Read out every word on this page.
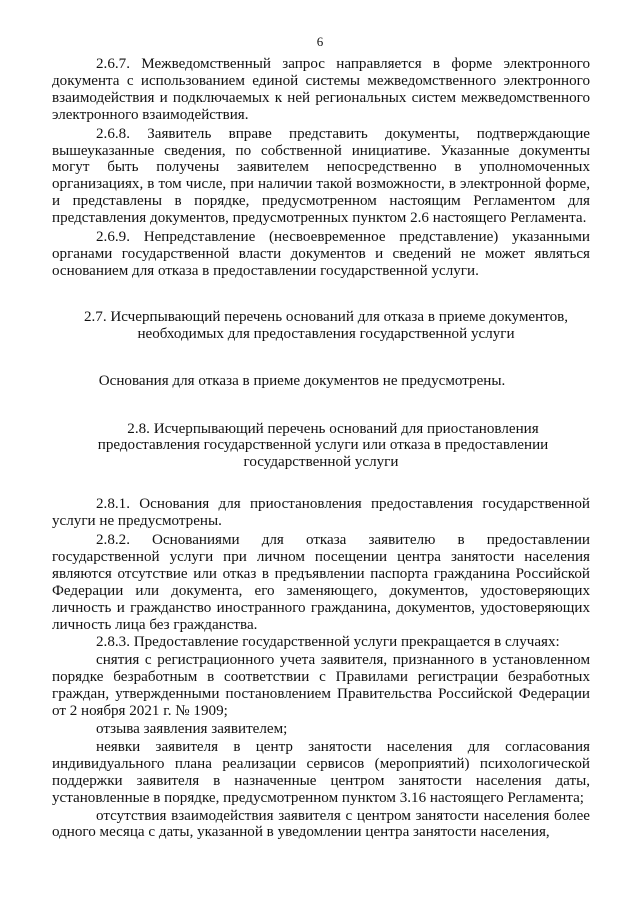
6

2.6.7. Межведомственный запрос направляется в форме электронного документа с использованием единой системы межведомственного электронного взаимодействия и подключаемых к ней региональных систем межведомственного электронного взаимодействия.

2.6.8. Заявитель вправе представить документы, подтверждающие вышеуказанные сведения, по собственной инициативе. Указанные документы могут быть получены заявителем непосредственно в уполномоченных организациях, в том числе, при наличии такой возможности, в электронной форме, и представлены в порядке, предусмотренном настоящим Регламентом для представления документов, предусмотренных пунктом 2.6 настоящего Регламента.

2.6.9. Непредставление (несвоевременное представление) указанными органами государственной власти документов и сведений не может являться основанием для отказа в предоставлении государственной услуги.

2.7. Исчерпывающий перечень оснований для отказа в приеме документов,

необходимых для предоставления государственной услуги

Основания для отказа в приеме документов не предусмотрены.

2.8. Исчерпывающий перечень оснований для приостановления

предоставления государственной услуги или отказа в предоставлении

государственной услуги

2.8.1. Основания для приостановления предоставления государственной услуги не предусмотрены.

2.8.2. Основаниями для отказа заявителю в предоставлении государственной услуги при личном посещении центра занятости населения являются отсутствие или отказ в предъявлении паспорта гражданина Российской Федерации или документа, его заменяющего, документов, удостоверяющих личность и гражданство иностранного гражданина, документов, удостоверяющих личность лица без гражданства.

2.8.3. Предоставление государственной услуги прекращается в случаях:

снятия с регистрационного учета заявителя, признанного в установленном порядке безработным в соответствии с Правилами регистрации безработных граждан, утвержденными постановлением Правительства Российской Федерации от 2 ноября 2021 г. № 1909;

отзыва заявления заявителем;

неявки заявителя в центр занятости населения для согласования индивидуального плана реализации сервисов (мероприятий) психологической поддержки заявителя в назначенные центром занятости населения даты, установленные в порядке, предусмотренном пунктом 3.16 настоящего Регламента;

отсутствия взаимодействия заявителя с центром занятости населения более одного месяца с даты, указанной в уведомлении центра занятости населения,
